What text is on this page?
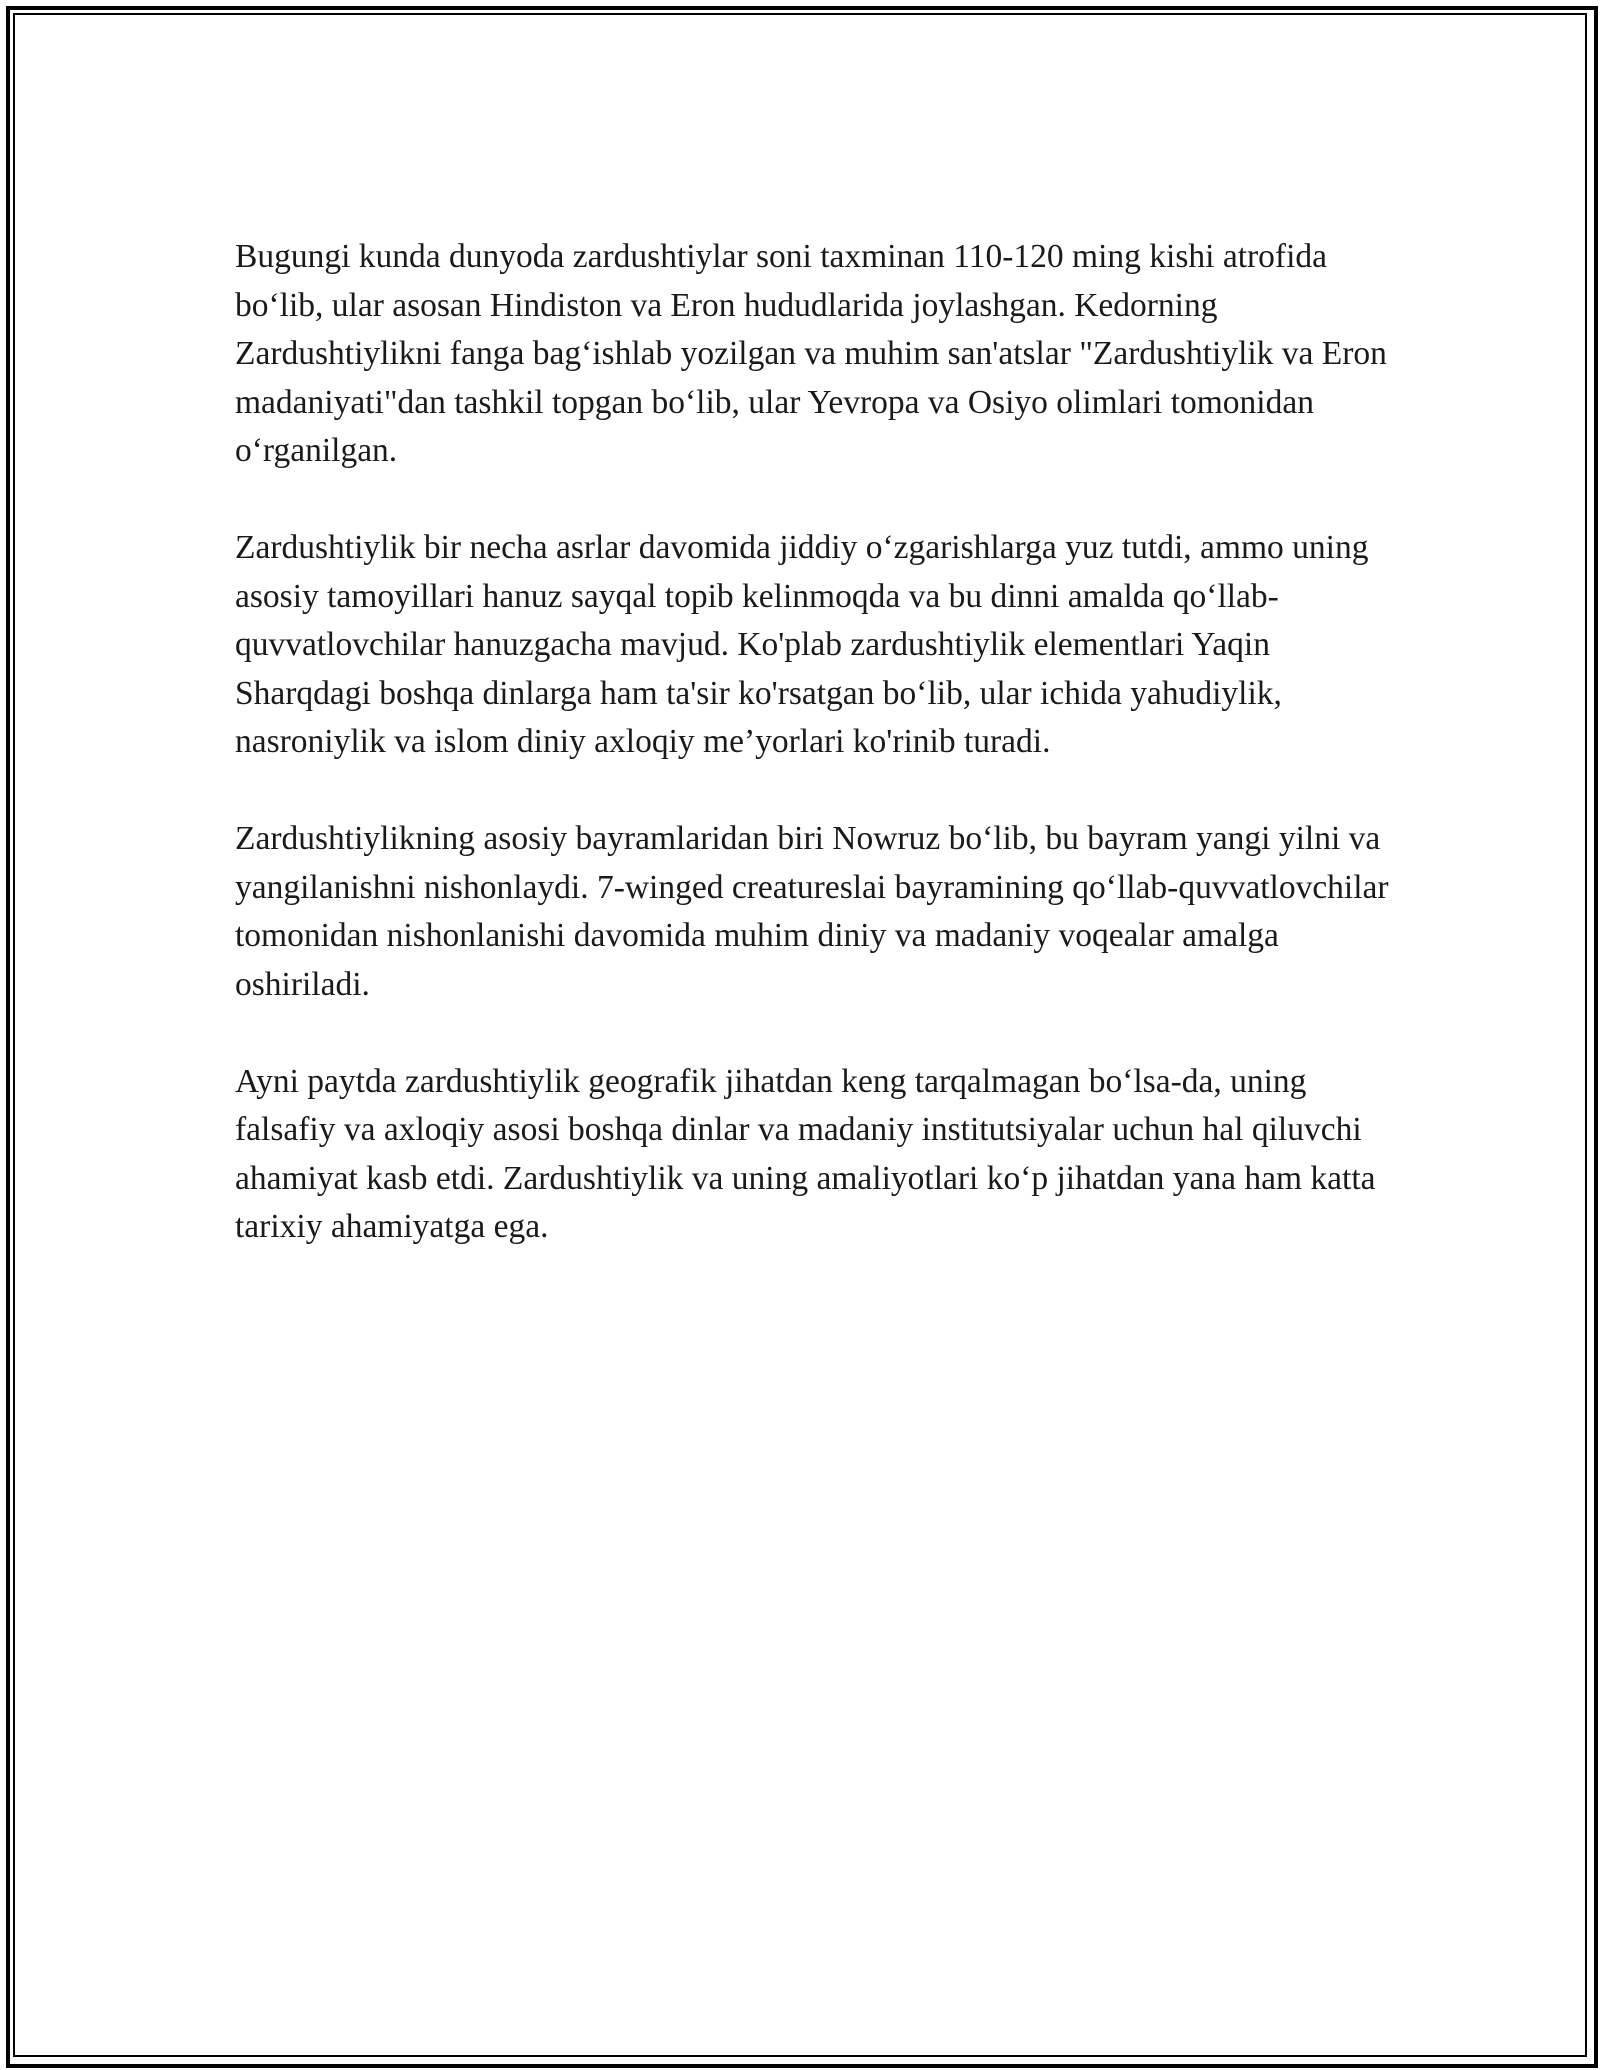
Bugungi kunda dunyoda zardushtiylar soni taxminan 110-120 ming kishi atrofida bo‘lib, ular asosan Hindiston va Eron hududlarida joylashgan. Kedorning Zardushtiylikni fanga bag‘ishlab yozilgan va muhim san'atslar "Zardushtiylik va Eron madaniyati"dan tashkil topgan bo‘lib, ular Yevropa va Osiyo olimlari tomonidan o‘rganilgan.

Zardushtiylik bir necha asrlar davomida jiddiy o‘zgarishlarga yuz tutdi, ammo uning asosiy tamoyillari hanuz sayqal topib kelinmoqda va bu dinni amalda qo‘llab-quvvatlovchilar hanuzgacha mavjud. Ko'plab zardushtiylik elementlari Yaqin Sharqdagi boshqa dinlarga ham ta'sir ko'rsatgan bo‘lib, ular ichida yahudiylik, nasroniylik va islom diniy axloqiy me’yorlari ko'rinib turadi.

Zardushtiylikning asosiy bayramlaridan biri Nowruz bo‘lib, bu bayram yangi yilni va yangilanishni nishonlaydi. 7-winged creatureslai bayramining qo‘llab-quvvatlovchilar tomonidan nishonlanishi davomida muhim diniy va madaniy voqealar amalga oshiriladi.

Ayni paytda zardushtiylik geografik jihatdan keng tarqalmagan bo‘lsa-da, uning falsafiy va axloqiy asosi boshqa dinlar va madaniy institutsiyalar uchun hal qiluvchi ahamiyat kasb etdi. Zardushtiylik va uning amaliyotlari ko‘p jihatdan yana ham katta tarixiy ahamiyatga ega.
